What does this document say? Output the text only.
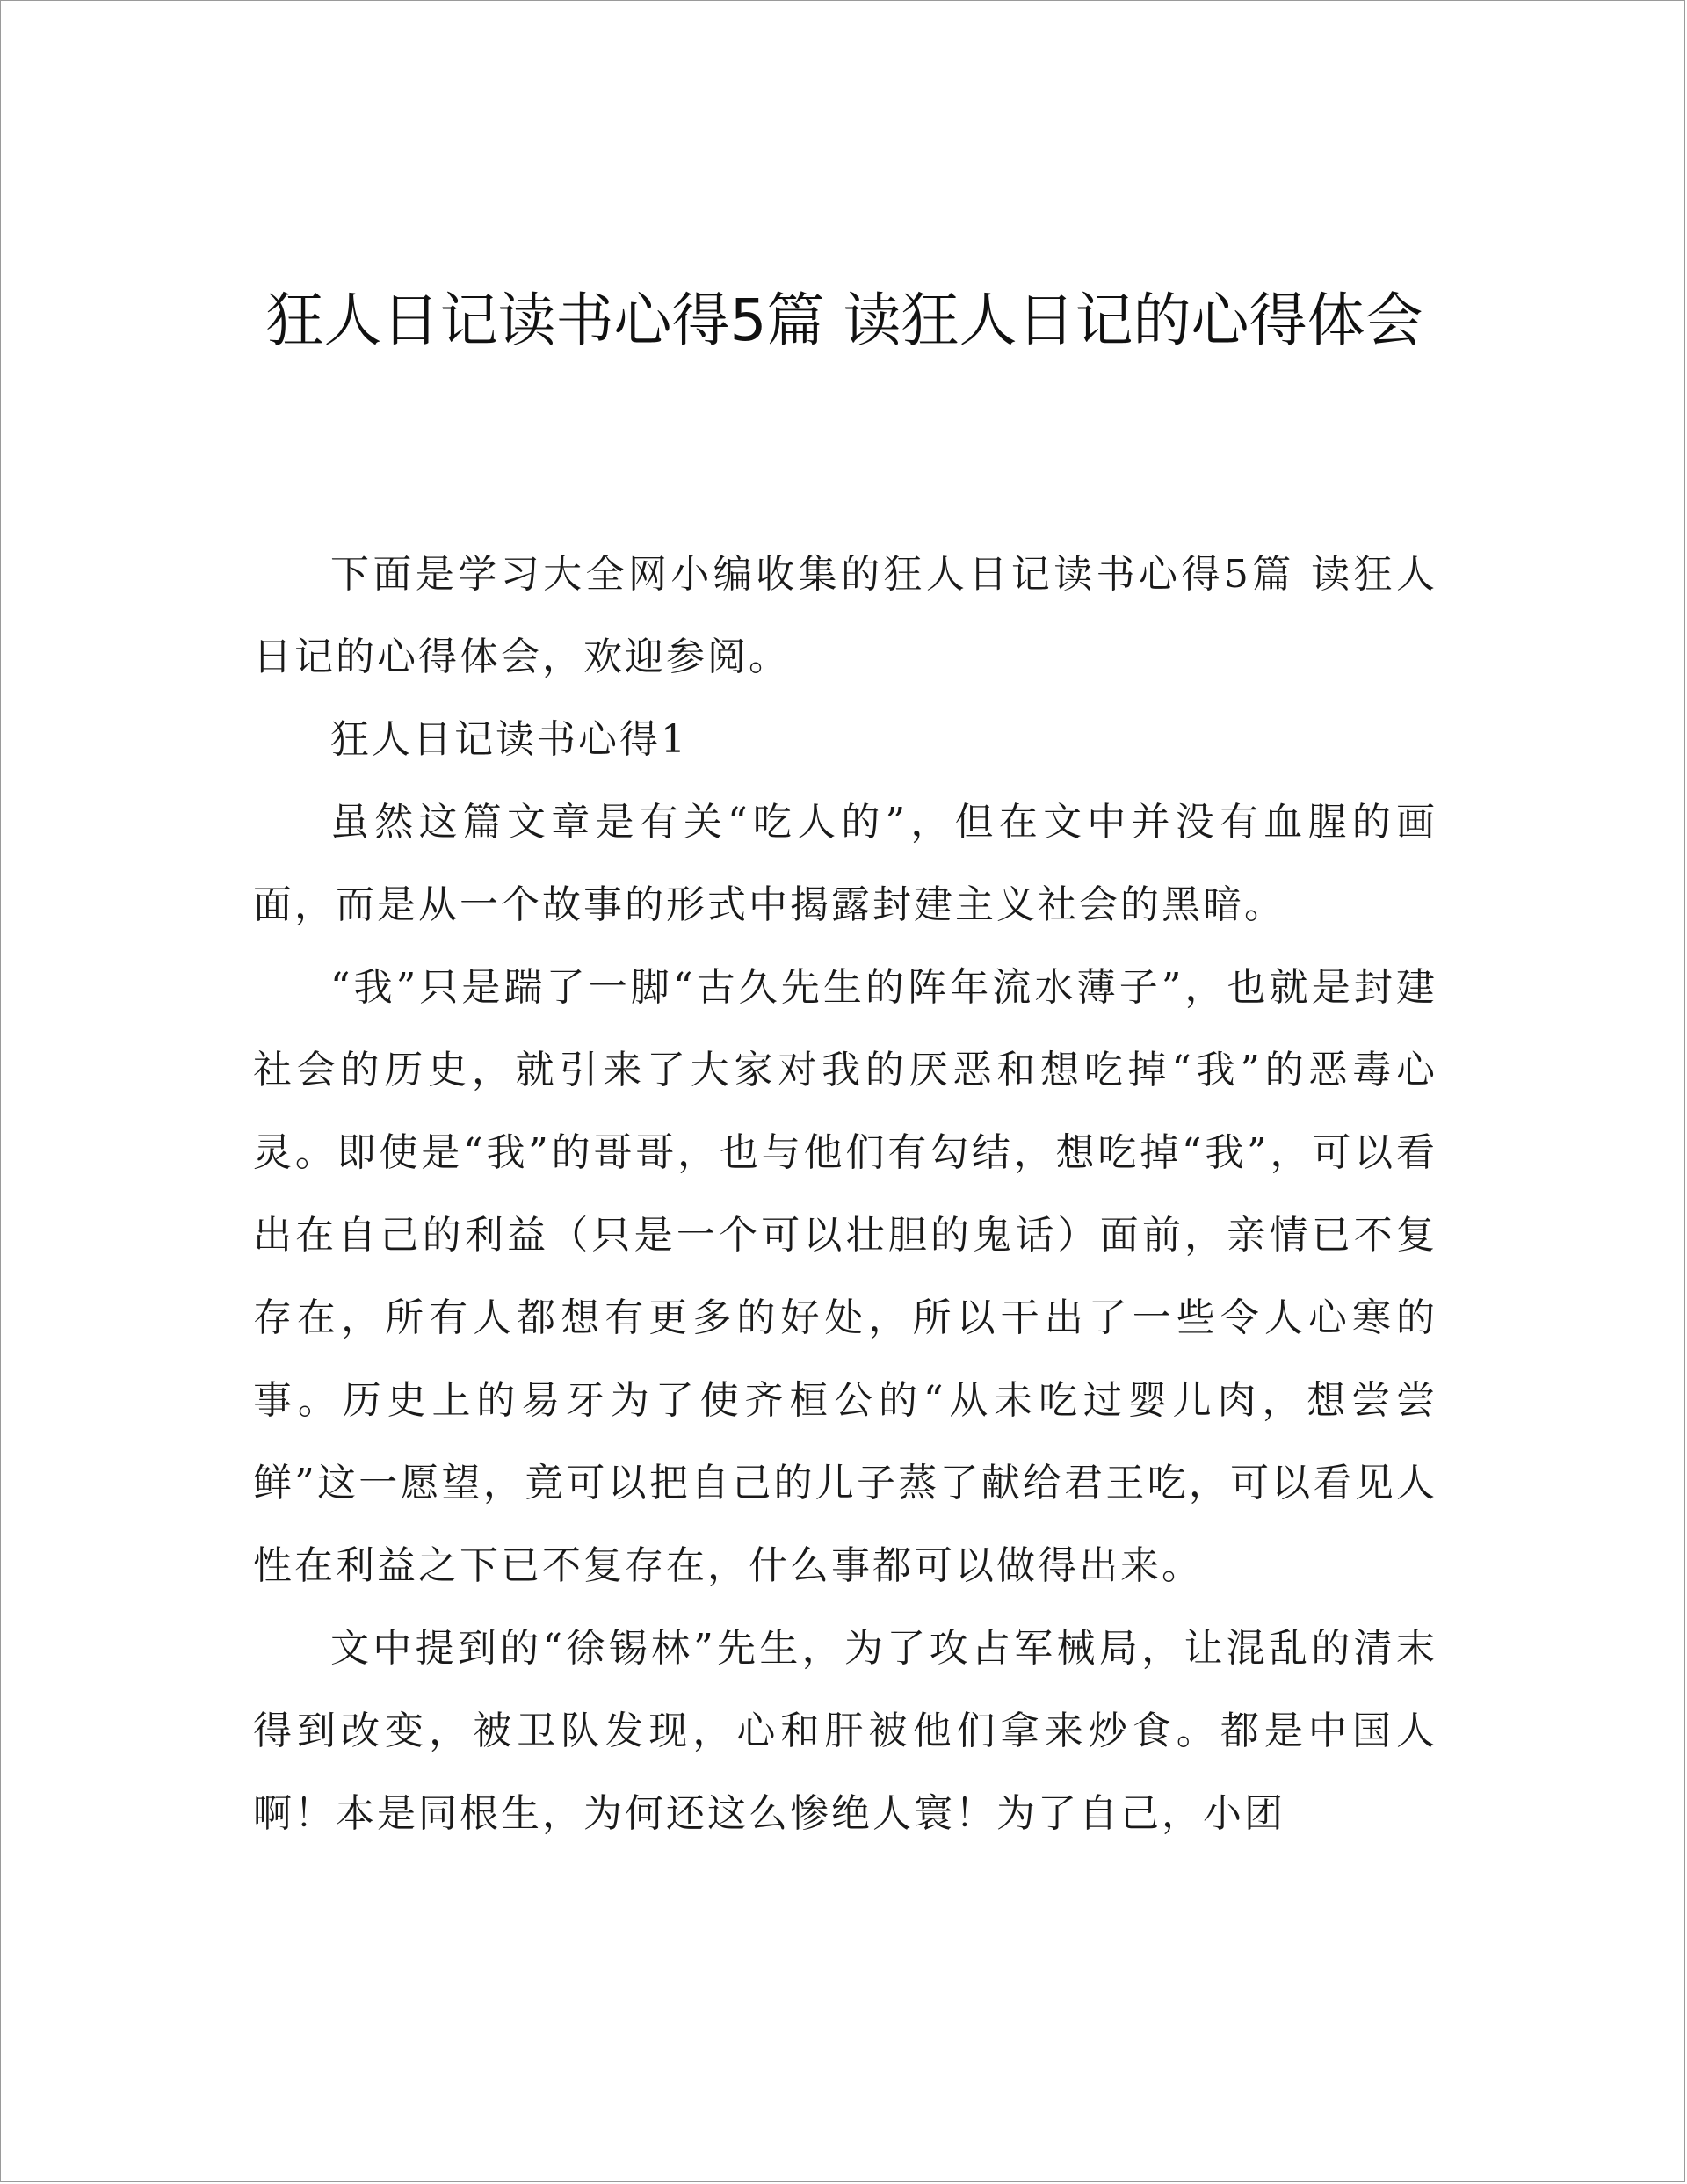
狂人日记读书心得5篇 读狂人日记的心得体会

下面是学习大全网小编收集的狂人日记读书心得5篇 读狂人日记的心得体会，欢迎参阅。

狂人日记读书心得1

虽然这篇文章是有关“吃人的”，但在文中并没有血腥的画面，而是从一个故事的形式中揭露封建主义社会的黑暗。

“我”只是踹了一脚“古久先生的阵年流水薄子”，也就是封建社会的历史，就引来了大家对我的厌恶和想吃掉“我”的恶毒心灵。即使是“我”的哥哥，也与他们有勾结，想吃掉“我”，可以看出在自己的利益（只是一个可以壮胆的鬼话）面前，亲情已不复存在，所有人都想有更多的好处，所以干出了一些令人心寒的事。历史上的易牙为了使齐桓公的“从未吃过婴儿肉，想尝尝鲜”这一愿望，竟可以把自己的儿子蒸了献给君王吃，可以看见人性在利益之下已不复存在，什么事都可以做得出来。

文中提到的“徐锡林”先生，为了攻占军械局，让混乱的清末得到改变，被卫队发现，心和肝被他们拿来炒食。都是中国人啊！本是同根生，为何还这么惨绝人寰！为了自己，小团
